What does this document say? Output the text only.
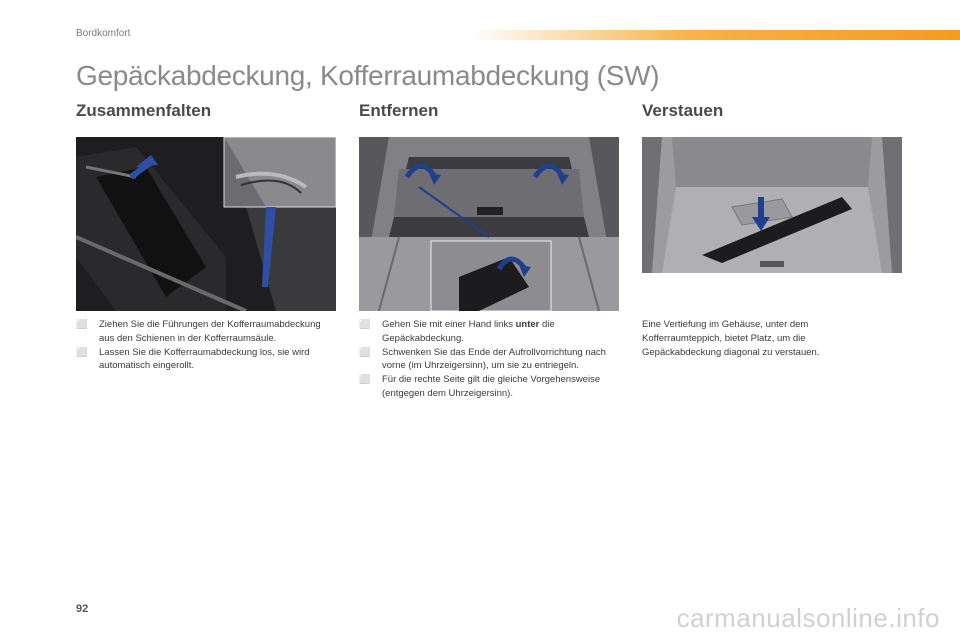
Bordkomfort
Gepäckabdeckung, Kofferraumabdeckung (SW)
Zusammenfalten
⬜ Ziehen Sie die Führungen der Kofferraumabdeckung aus den Schienen in der Kofferraumsäule.
⬜ Lassen Sie die Kofferraumabdeckung los, sie wird automatisch eingerollt.
Entfernen
⬜ Gehen Sie mit einer Hand links unter die Gepäckabdeckung.
⬜ Schwenken Sie das Ende der Aufrollvorrichtung nach vorne (im Uhrzeigersinn), um sie zu entriegeln.
⬜ Für die rechte Seite gilt die gleiche Vorgehensweise (entgegen dem Uhrzeigersinn).
Verstauen

Eine Vertiefung im Gehäuse, unter dem Kofferraumteppich, bietet Platz, um die Gepäckabdeckung diagonal zu verstauen.

92	carmanualsonline.info
